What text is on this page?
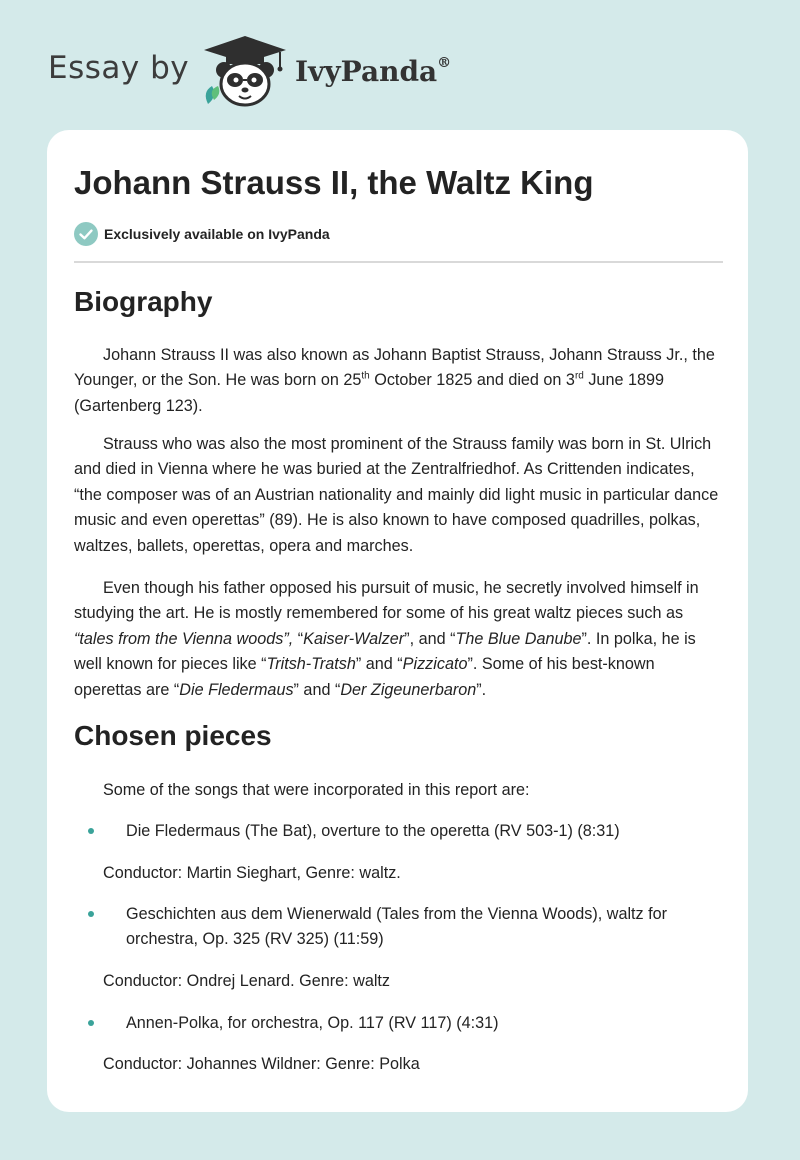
Essay by	IvyPanda®
Johann Strauss II, the Waltz King
Exclusively available on IvyPanda
Biography

Johann Strauss II was also known as Johann Baptist Strauss, Johann Strauss Jr., the Younger, or the Son. He was born on 25th October 1825 and died on 3rd June 1899 (Gartenberg 123).

Strauss who was also the most prominent of the Strauss family was born in St. Ulrich and died in Vienna where he was buried at the Zentralfriedhof. As Crittenden indicates, “the composer was of an Austrian nationality and mainly did light music in particular dance music and even operettas” (89). He is also known to have composed quadrilles, polkas, waltzes, ballets, operettas, opera and marches.

Even though his father opposed his pursuit of music, he secretly involved himself in studying the art. He is mostly remembered for some of his great waltz pieces such as “tales from the Vienna woods”, “Kaiser-Walzer”, and “The Blue Danube”. In polka, he is well known for pieces like “Tritsh-Tratsh” and “Pizzicato”. Some of his best-known operettas are “Die Fledermaus” and “Der Zigeunerbaron”.

Chosen pieces

Some of the songs that were incorporated in this report are:

Die Fledermaus (The Bat), overture to the operetta (RV 503-1) (8:31)

Conductor: Martin Sieghart, Genre: waltz.

Geschichten aus dem Wienerwald (Tales from the Vienna Woods), waltz for orchestra, Op. 325 (RV 325) (11:59)

Conductor: Ondrej Lenard. Genre: waltz

Annen-Polka, for orchestra, Op. 117 (RV 117) (4:31)

Conductor: Johannes Wildner: Genre: Polka
